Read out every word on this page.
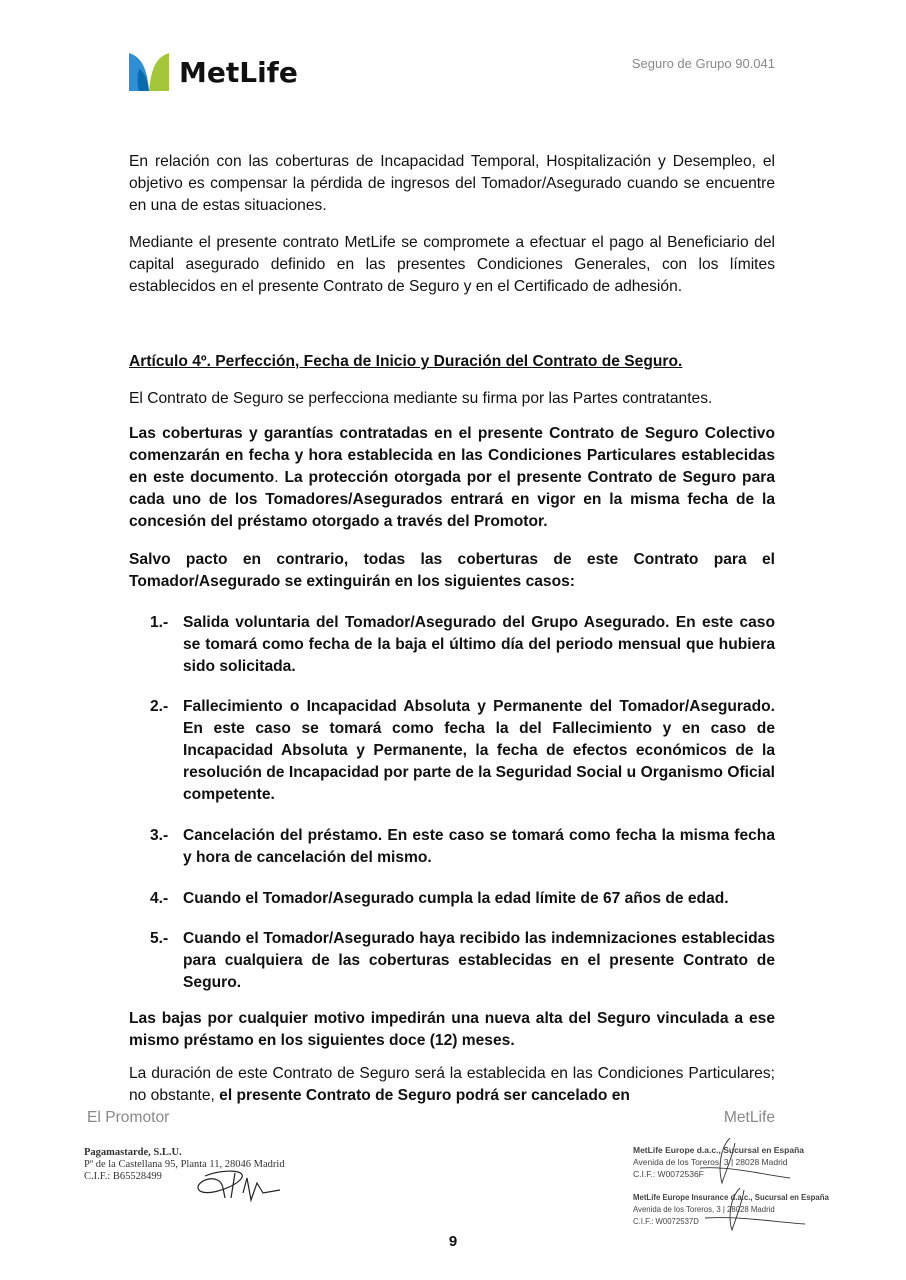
MetLife	Seguro de Grupo 90.041
En relación con las coberturas de Incapacidad Temporal, Hospitalización y Desempleo, el objetivo es compensar la pérdida de ingresos del Tomador/Asegurado cuando se encuentre en una de estas situaciones.
Mediante el presente contrato MetLife se compromete a efectuar el pago al Beneficiario del capital asegurado definido en las presentes Condiciones Generales, con los límites establecidos en el presente Contrato de Seguro y en el Certificado de adhesión.
Artículo 4º. Perfección, Fecha de Inicio y Duración del Contrato de Seguro.
El Contrato de Seguro se perfecciona mediante su firma por las Partes contratantes.
Las coberturas y garantías contratadas en el presente Contrato de Seguro Colectivo comenzarán en fecha y hora establecida en las Condiciones Particulares establecidas en este documento. La protección otorgada por el presente Contrato de Seguro para cada uno de los Tomadores/Asegurados entrará en vigor en la misma fecha de la concesión del préstamo otorgado a través del Promotor.
Salvo pacto en contrario, todas las coberturas de este Contrato para el Tomador/Asegurado se extinguirán en los siguientes casos:
1.- Salida voluntaria del Tomador/Asegurado del Grupo Asegurado. En este caso se tomará como fecha de la baja el último día del periodo mensual que hubiera sido solicitada.
2.- Fallecimiento o Incapacidad Absoluta y Permanente del Tomador/Asegurado. En este caso se tomará como fecha la del Fallecimiento y en caso de Incapacidad Absoluta y Permanente, la fecha de efectos económicos de la resolución de Incapacidad por parte de la Seguridad Social u Organismo Oficial competente.
3.- Cancelación del préstamo. En este caso se tomará como fecha la misma fecha y hora de cancelación del mismo.
4.- Cuando el Tomador/Asegurado cumpla la edad límite de 67 años de edad.
5.- Cuando el Tomador/Asegurado haya recibido las indemnizaciones establecidas para cualquiera de las coberturas establecidas en el presente Contrato de Seguro.
Las bajas por cualquier motivo impedirán una nueva alta del Seguro vinculada a ese mismo préstamo en los siguientes doce (12) meses.
La duración de este Contrato de Seguro será la establecida en las Condiciones Particulares; no obstante, el presente Contrato de Seguro podrá ser cancelado en
El Promotor	MetLife
Pagamastarde, S.L.U.
Pº de la Castellana 95, Planta 11, 28046 Madrid
C.I.F.: B65528499
MetLife Europe d.a.c., Sucursal en España
Avenida de los Toreros, 3 | 28028 Madrid
C.I.F.: W0072536F
MetLife Europe Insurance d.a.c., Sucursal en España
Avenida de los Toreros, 3 | 28028 Madrid
C.I.F.: W0072537D
9
